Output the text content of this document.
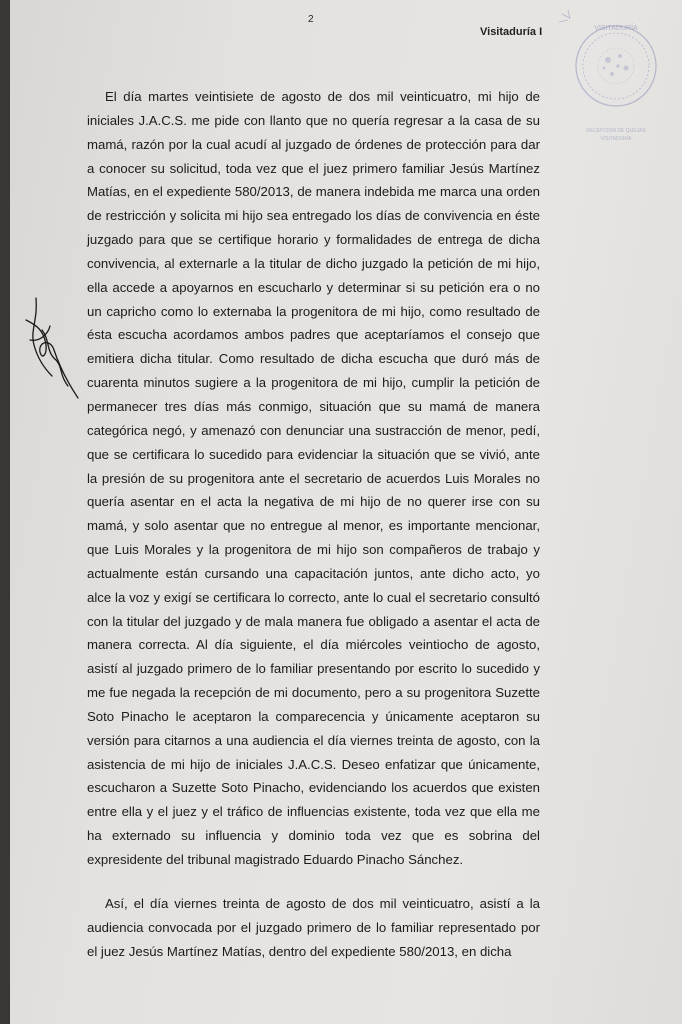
2
Visitaduría I	VISITADURÍA
RECEPCIÓN DE QUEJAS
VISITADURÍA

El día martes veintisiete de agosto de dos mil veinticuatro, mi hijo de iniciales J.A.C.S. me pide con llanto que no quería regresar a la casa de su mamá, razón por la cual acudí al juzgado de órdenes de protección para dar a conocer su solicitud, toda vez que el juez primero familiar Jesús Martínez Matías, en el expediente 580/2013, de manera indebida me marca una orden de restricción y solicita mi hijo sea entregado los días de convivencia en éste juzgado para que se certifique horario y formalidades de entrega de dicha convivencia, al externarle a la titular de dicho juzgado la petición de mi hijo, ella accede a apoyarnos en escucharlo y determinar si su petición era o no un capricho como lo externaba la progenitora de mi hijo, como resultado de ésta escucha acordamos ambos padres que aceptaríamos el consejo que emitiera dicha titular. Como resultado de dicha escucha que duró más de cuarenta minutos sugiere a la progenitora de mi hijo, cumplir la petición de permanecer tres días más conmigo, situación que su mamá de manera categórica negó, y amenazó con denunciar una sustracción de menor, pedí, que se certificara lo sucedido para evidenciar la situación que se vivió, ante la presión de su progenitora ante el secretario de acuerdos Luis Morales no quería asentar en el acta la negativa de mi hijo de no querer irse con su mamá, y solo asentar que no entregue al menor, es importante mencionar, que Luis Morales y la progenitora de mi hijo son compañeros de trabajo y actualmente están cursando una capacitación juntos, ante dicho acto, yo alce la voz y exigí se certificara lo correcto, ante lo cual el secretario consultó con la titular del juzgado y de mala manera fue obligado a asentar el acta de manera correcta. Al día siguiente, el día miércoles veintiocho de agosto, asistí al juzgado primero de lo familiar presentando por escrito lo sucedido y me fue negada la recepción de mi documento, pero a su progenitora Suzette Soto Pinacho le aceptaron la comparecencia y únicamente aceptaron su versión para citarnos a una audiencia el día viernes treinta de agosto, con la asistencia de mi hijo de iniciales J.A.C.S. Deseo enfatizar que únicamente, escucharon a Suzette Soto Pinacho, evidenciando los acuerdos que existen entre ella y el juez y el tráfico de influencias existente, toda vez que ella me ha externado su influencia y dominio toda vez que es sobrina del expresidente del tribunal magistrado Eduardo Pinacho Sánchez.

Así, el día viernes treinta de agosto de dos mil veinticuatro, asistí a la audiencia convocada por el juzgado primero de lo familiar representado por el juez Jesús Martínez Matías, dentro del expediente 580/2013, en dicha
